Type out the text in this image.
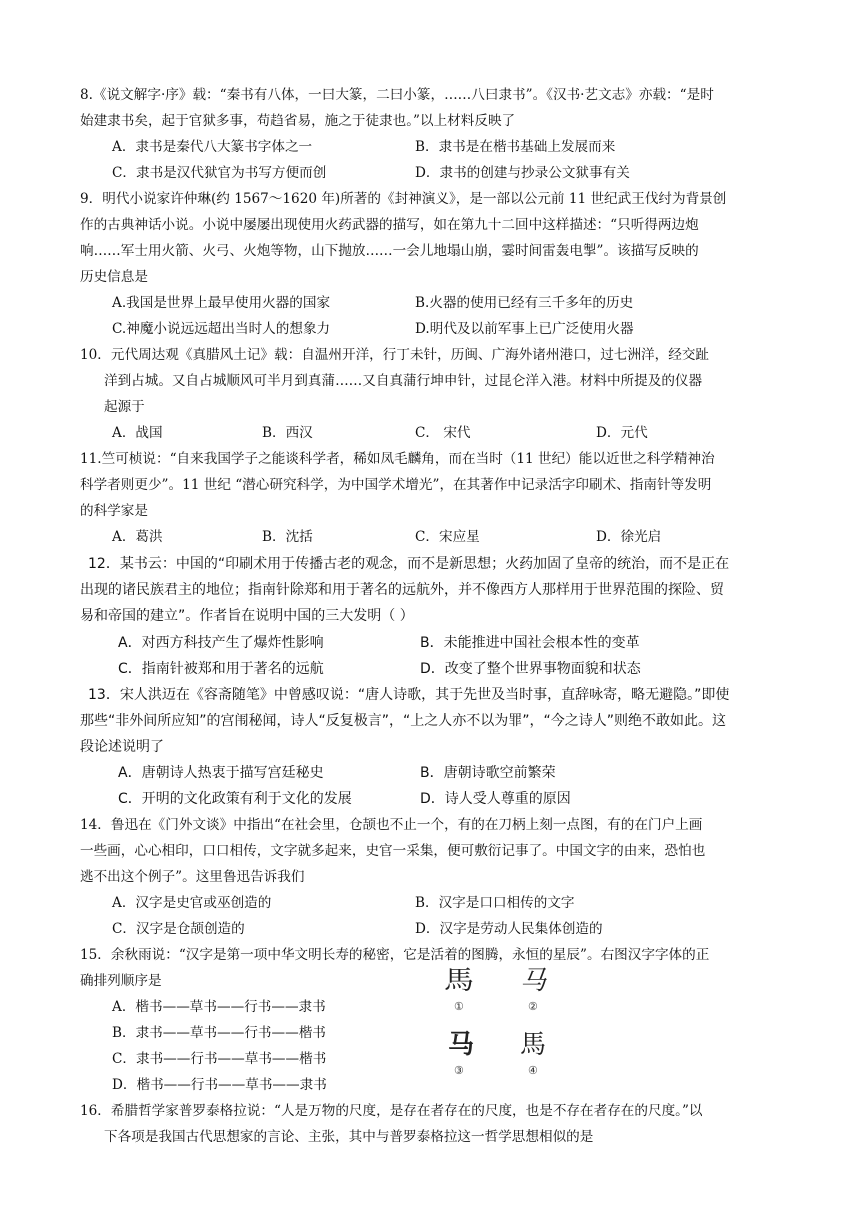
8.《说文解字·序》载：“秦书有八体，一曰大篆，二曰小篆，……八曰隶书”。《汉书·艺文志》亦载：“是时
始建隶书矣，起于官狱多事，苟趋省易，施之于徒隶也。”以上材料反映了
A．隶书是秦代八大篆书字体之一	B．隶书是在楷书基础上发展而来
C．隶书是汉代狱官为书写方便而创	D．隶书的创建与抄录公文狱事有关
9．明代小说家许仲琳(约 1567～1620 年)所著的《封神演义》，是一部以公元前 11 世纪武王伐纣为背景创
作的古典神话小说。小说中屡屡出现使用火药武器的描写，如在第九十二回中这样描述：“只听得两边炮
响……军士用火箭、火弓、火炮等物，山下抛放……一会儿地塌山崩，霎时间雷轰电掣”。该描写反映的
历史信息是
A.我国是世界上最早使用火器的国家	B.火器的使用已经有三千多年的历史
C.神魔小说远远超出当时人的想象力	D.明代及以前军事上已广泛使用火器
10．元代周达观《真腊风土记》载：自温州开洋，行丁未针，历闽、广海外诸州港口，过七洲洋，经交趾
洋到占城。又自占城顺风可半月到真蒲……又自真蒲行坤申针，过昆仑洋入港。材料中所提及的仪器
起源于
A．战国	B．西汉	C． 宋代	D．元代
11.竺可桢说：“自来我国学子之能谈科学者，稀如凤毛麟角，而在当时（11 世纪）能以近世之科学精神治
科学者则更少”。11 世纪 “潜心研究科学，为中国学术增光”，在其著作中记录活字印刷术、指南针等发明
的科学家是
A．葛洪	B．沈括	C．宋应星	D．徐光启
12．某书云：中国的“印刷术用于传播古老的观念，而不是新思想；火药加固了皇帝的统治，而不是正在
出现的诸民族君主的地位；指南针除郑和用于著名的远航外，并不像西方人那样用于世界范围的探险、贸
易和帝国的建立”。作者旨在说明中国的三大发明（ ）
A．对西方科技产生了爆炸性影响	B．未能推进中国社会根本性的变革
C．指南针被郑和用于著名的远航	D．改变了整个世界事物面貌和状态
13．宋人洪迈在《容斋随笔》中曾感叹说：“唐人诗歌，其于先世及当时事，直辞咏寄，略无避隐。”即使
那些“非外间所应知”的宫闱秘闻，诗人“反复极言”，“上之人亦不以为罪”，“今之诗人”则绝不敢如此。这
段论述说明了
A．唐朝诗人热衷于描写宫廷秘史	B．唐朝诗歌空前繁荣
C．开明的文化政策有利于文化的发展	D．诗人受人尊重的原因
14．鲁迅在《门外文谈》中指出“在社会里，仓颉也不止一个，有的在刀柄上刻一点图，有的在门户上画
一些画，心心相印，口口相传，文字就多起来，史官一采集，便可敷衍记事了。中国文字的由来，恐怕也
逃不出这个例子”。这里鲁迅告诉我们
A．汉字是史官或巫创造的	B．汉字是口口相传的文字
C．汉字是仓颉创造的	D．汉字是劳动人民集体创造的
15．余秋雨说：“汉字是第一项中华文明长寿的秘密，它是活着的图腾，永恒的星辰”。右图汉字字体的正
确排列顺序是
A．楷书——草书——行书——隶书
B．隶书——草书——行书——楷书
C．隶书——行书——草书——楷书
D．楷书——行书——草书——隶书
馬 马
①	②
马 馬
③	④
16．希腊哲学家普罗泰格拉说：“人是万物的尺度，是存在者存在的尺度，也是不存在者存在的尺度。”以
下各项是我国古代思想家的言论、主张，其中与普罗泰格拉这一哲学思想相似的是
